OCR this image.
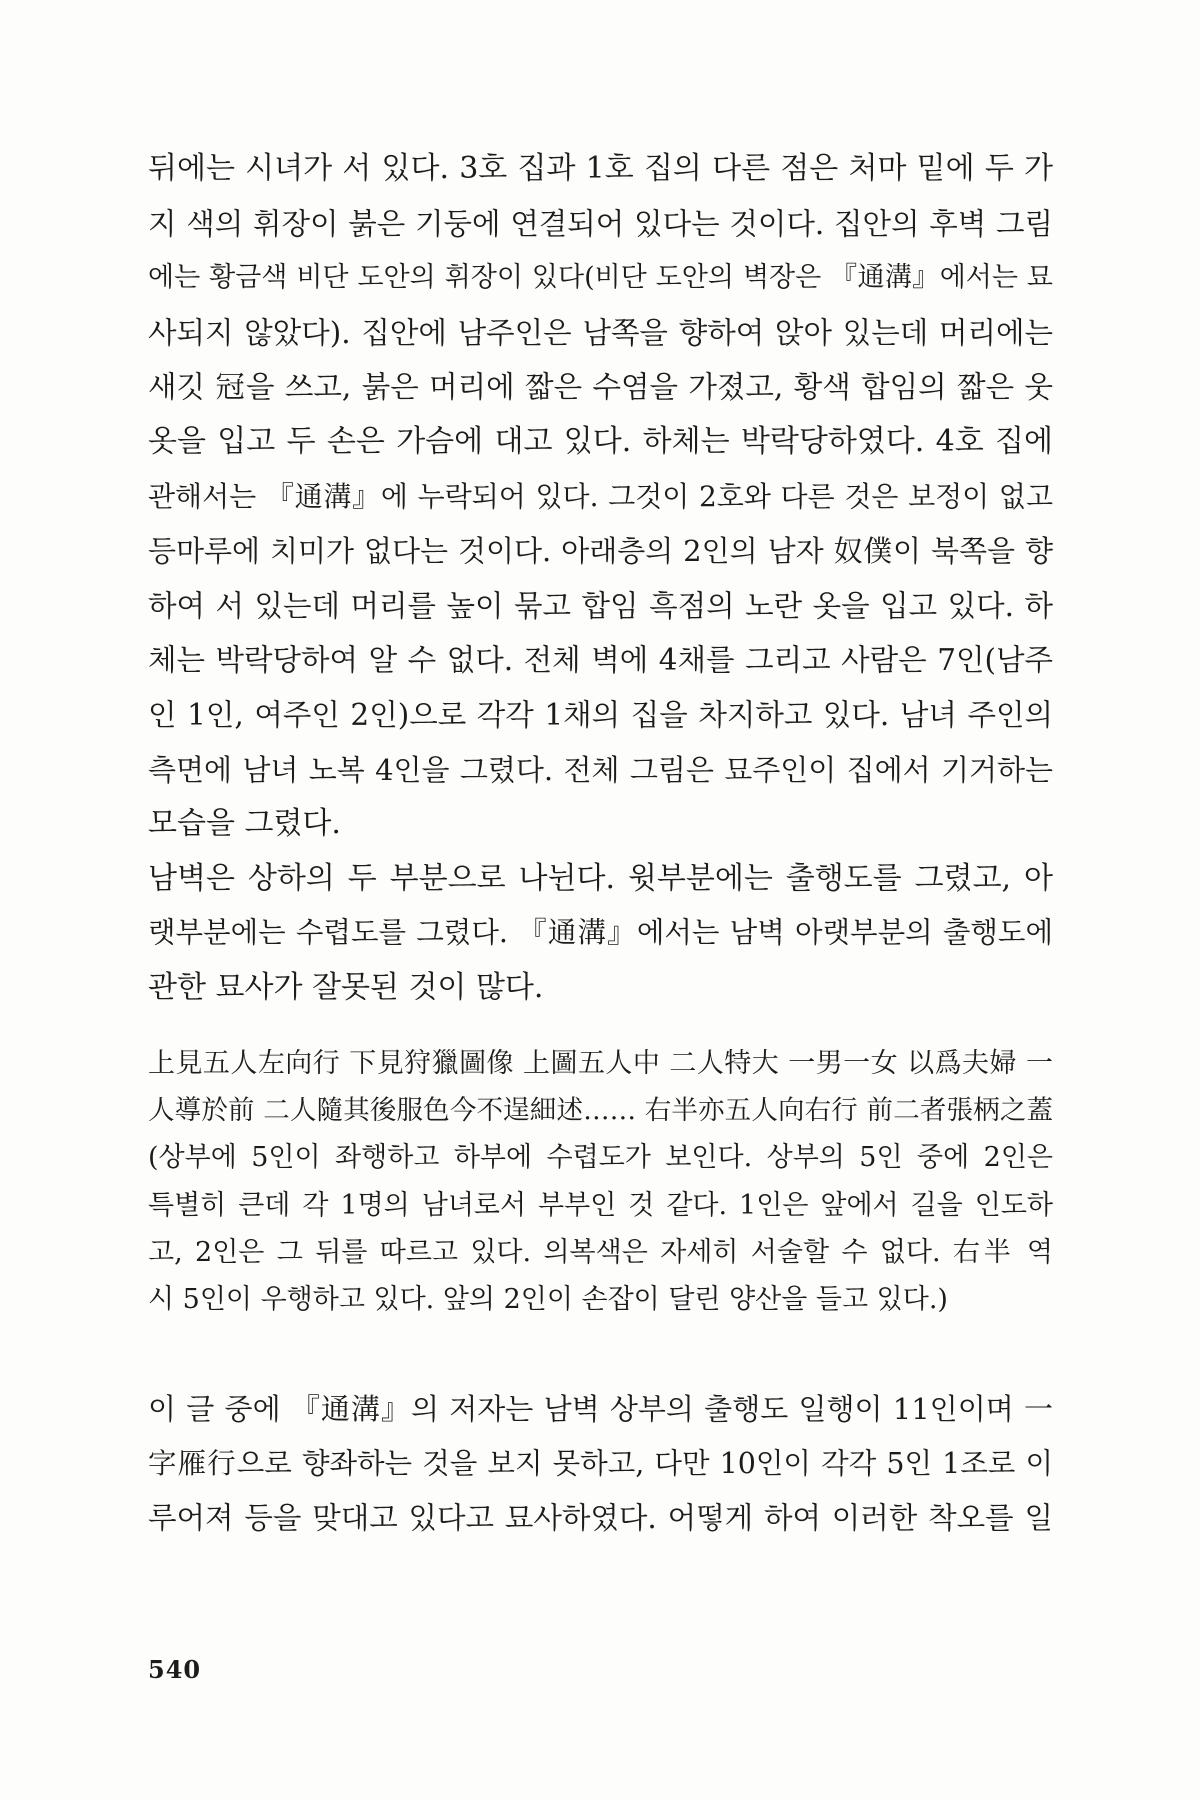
뒤에는 시녀가 서 있다. 3호 집과 1호 집의 다른 점은 처마 밑에 두 가
지 색의 휘장이 붉은 기둥에 연결되어 있다는 것이다. 집안의 후벽 그림
에는 황금색 비단 도안의 휘장이 있다(비단 도안의 벽장은 『通溝』에서는 묘
사되지 않았다). 집안에 남주인은 남쪽을 향하여 앉아 있는데 머리에는
새깃 冠을 쓰고, 붉은 머리에 짧은 수염을 가졌고, 황색 합임의 짧은 웃
옷을 입고 두 손은 가슴에 대고 있다. 하체는 박락당하였다. 4호 집에
관해서는 『通溝』에 누락되어 있다. 그것이 2호와 다른 것은 보정이 없고
등마루에 치미가 없다는 것이다. 아래층의 2인의 남자 奴僕이 북쪽을 향
하여 서 있는데 머리를 높이 묶고 합임 흑점의 노란 옷을 입고 있다. 하
체는 박락당하여 알 수 없다. 전체 벽에 4채를 그리고 사람은 7인(남주
인 1인, 여주인 2인)으로 각각 1채의 집을 차지하고 있다. 남녀 주인의
측면에 남녀 노복 4인을 그렸다. 전체 그림은 묘주인이 집에서 기거하는
모습을 그렸다.
남벽은 상하의 두 부분으로 나뉜다. 윗부분에는 출행도를 그렸고, 아
랫부분에는 수렵도를 그렸다. 『通溝』에서는 남벽 아랫부분의 출행도에
관한 묘사가 잘못된 것이 많다.
上見五人左向行 下見狩獵圖像 上圖五人中 二人特大 一男一女 以爲夫婦 一
人導於前 二人隨其後服色今不逞細述…… 右半亦五人向右行 前二者張柄之蓋
(상부에 5인이 좌행하고 하부에 수렵도가 보인다. 상부의 5인 중에 2인은
특별히 큰데 각 1명의 남녀로서 부부인 것 같다. 1인은 앞에서 길을 인도하
고, 2인은 그 뒤를 따르고 있다. 의복색은 자세히 서술할 수 없다. 右半 역
시 5인이 우행하고 있다. 앞의 2인이 손잡이 달린 양산을 들고 있다.)
이 글 중에 『通溝』의 저자는 남벽 상부의 출행도 일행이 11인이며 一
字雁行으로 향좌하는 것을 보지 못하고, 다만 10인이 각각 5인 1조로 이
루어져 등을 맞대고 있다고 묘사하였다. 어떻게 하여 이러한 착오를 일
540
